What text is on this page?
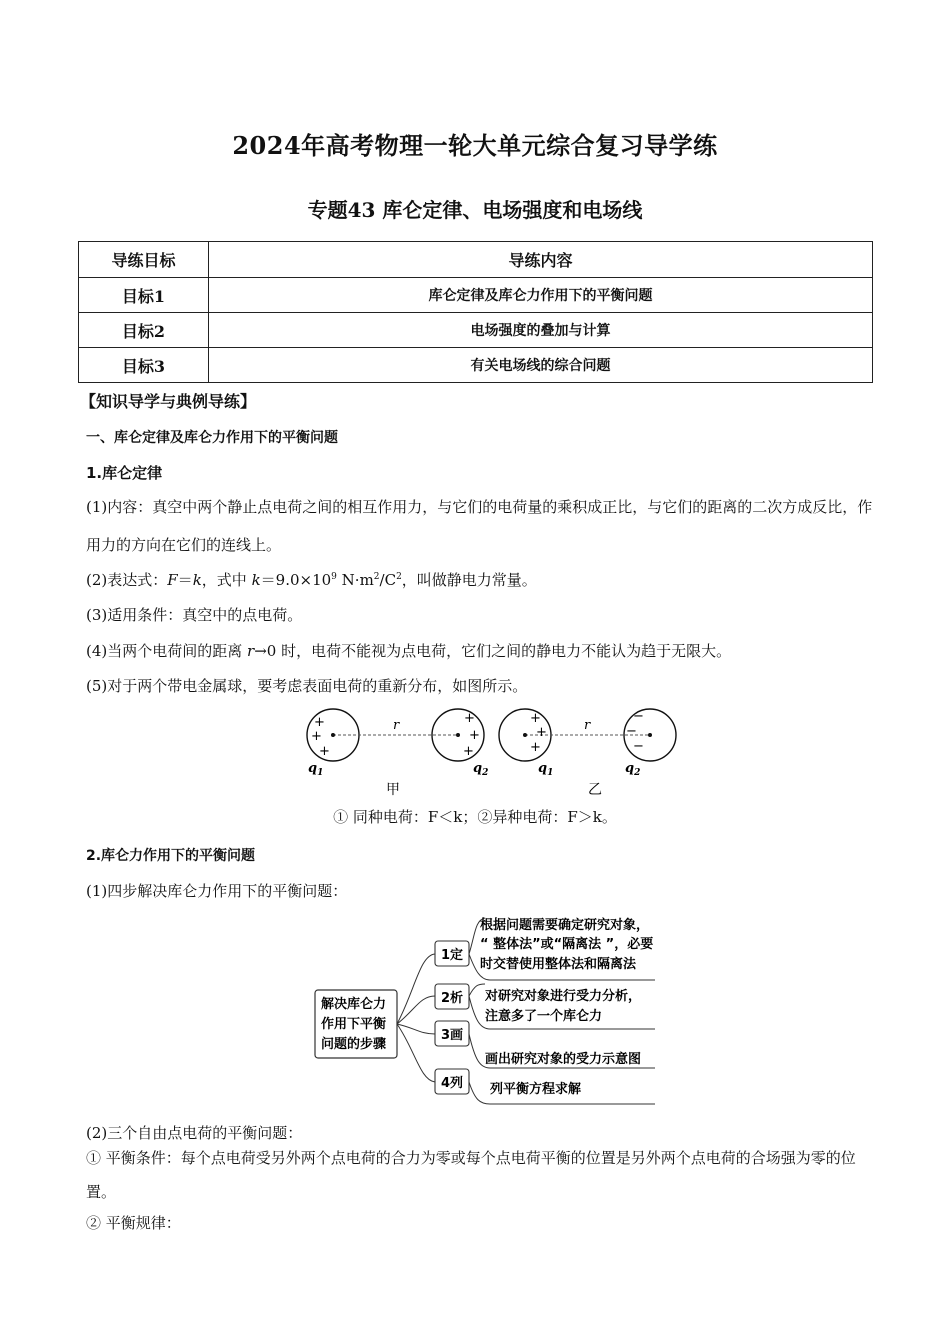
2024年高考物理一轮大单元综合复习导学练
专题43 库仑定律、电场强度和电场线
导练目标	导练内容
目标1	库仑定律及库仑力作用下的平衡问题
目标2	电场强度的叠加与计算
目标3	有关电场线的综合问题
【知识导学与典例导练】
一、库仑定律及库仑力作用下的平衡问题
1.库仑定律
(1)内容：真空中两个静止点电荷之间的相互作用力，与它们的电荷量的乘积成正比，与它们的距离的二次方成反比，作用力的方向在它们的连线上。
(2)表达式：F＝k，式中 $k=9.0\times 10^9$ $N\cdot m^2/C^2$，叫做静电力常量。
(3)适用条件：真空中的点电荷。
(4)当两个电荷间的距离 r→0 时，电荷不能视为点电荷，它们之间的静电力不能认为趋于无限大。
(5)对于两个带电金属球，要考虑表面电荷的重新分布，如图所示。
+
+
+
+
+
+
r
$q_1$	$q_2$
甲
+
+
+
−
−
−
r
$q_1$	$q_2$
乙
① 同种电荷：F＜k；②异种电荷：F＞k。
2.库仑力作用下的平衡问题
(1)四步解决库仑力作用下的平衡问题：
解决库仑力
作用下平衡
问题的步骤
1定
2析
3画
4列
根据问题需要确定研究对象，
“ 整体法”或“隔离法 ”，必要
时交替使用整体法和隔离法
对研究对象进行受力分析，
注意多了一个库仑力
画出研究对象的受力示意图
列平衡方程求解
(2)三个自由点电荷的平衡问题：
① 平衡条件：每个点电荷受另外两个点电荷的合力为零或每个点电荷平衡的位置是另外两个点电荷的合场强为零的位置。
② 平衡规律：
